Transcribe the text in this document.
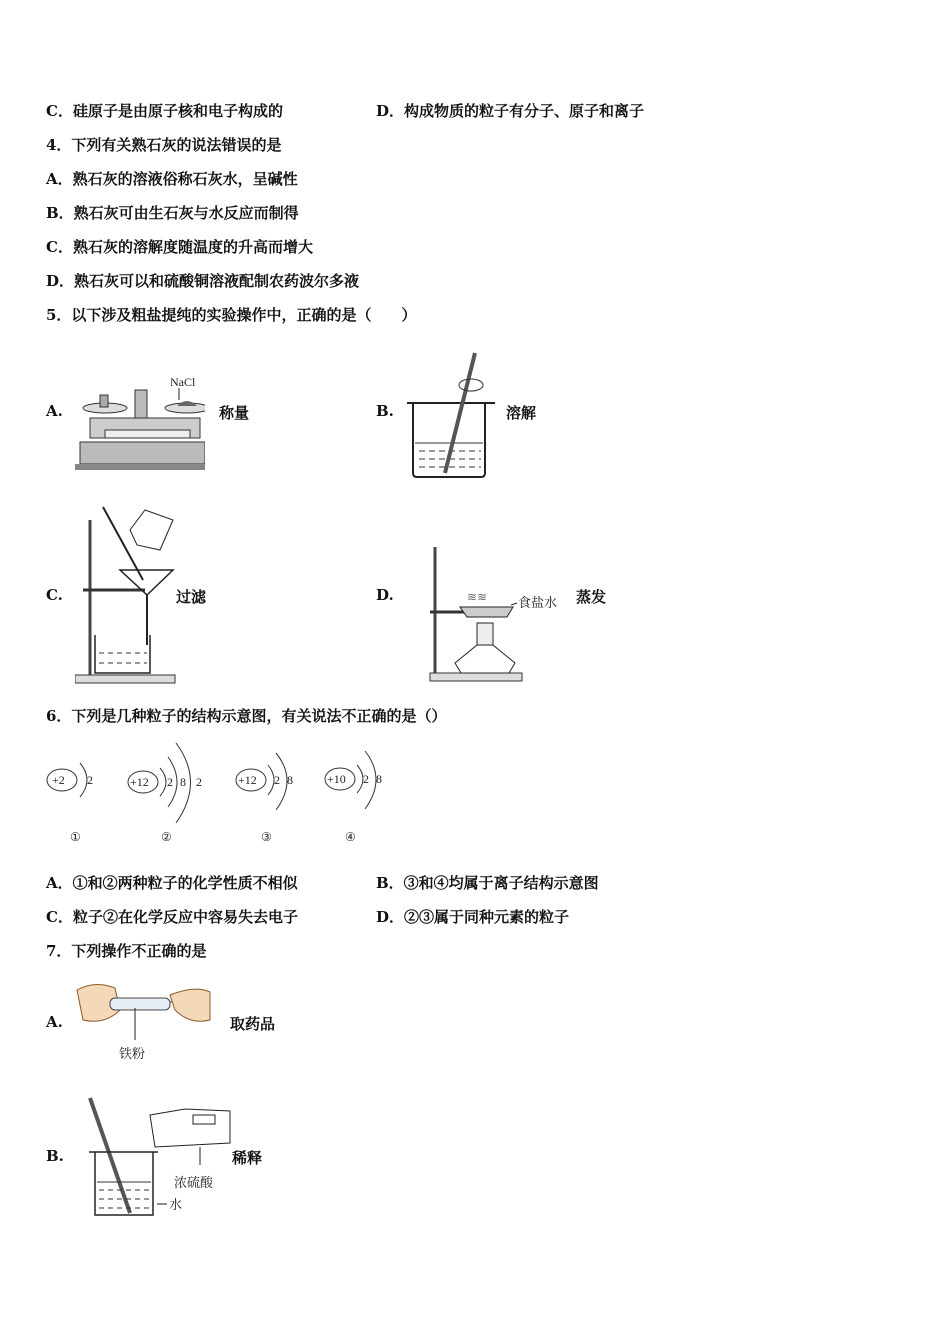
C．硅原子是由原子核和电子构成的	D．构成物质的粒子有分子、原子和离子
4．下列有关熟石灰的说法错误的是
A．熟石灰的溶液俗称石灰水，呈碱性
B．熟石灰可由生石灰与水反应而制得
C．熟石灰的溶解度随温度的升高而增大
D．熟石灰可以和硫酸铜溶液配制农药波尔多液
5．以下涉及粗盐提纯的实验操作中，正确的是（　　）
A.
NaCl
称量	B.	溶解
C.	过滤	D.	≋≋ 食盐水 蒸发
6．下列是几种粒子的结构示意图，有关说法不正确的是（）
+2 2
①
+12 2 8 2
②
+12 2 8
③
+10 2 8
④
A．①和②两种粒子的化学性质不相似	B．③和④均属于离子结构示意图
C．粒子②在化学反应中容易失去电子	D．②③属于同种元素的粒子
7．下列操作不正确的是
A.
铁粉
取药品
B.
浓硫酸
水
稀释
